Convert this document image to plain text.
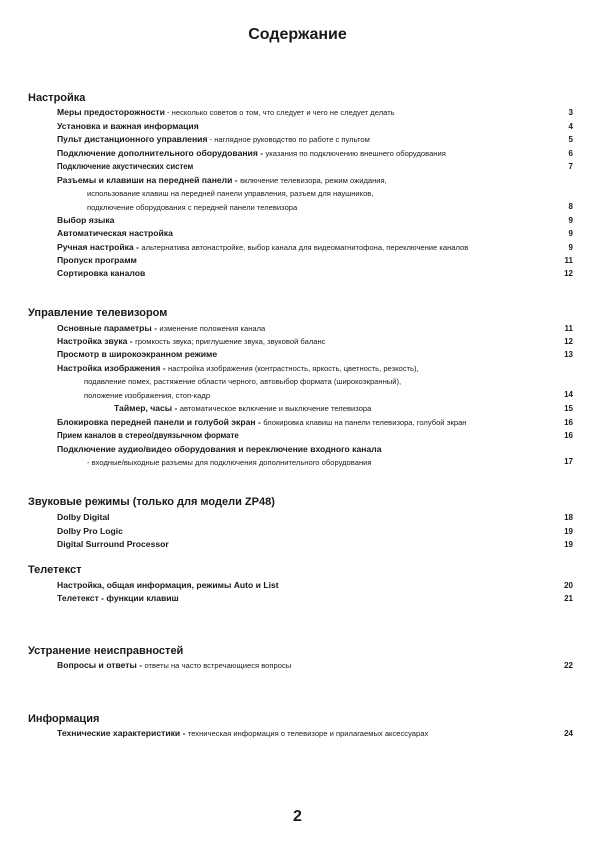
Содержание
Настройка
Меры предосторожности - несколько советов о том, что следует и чего не следует делать	3
Установка и важная информация	4
Пульт дистанционного управления - наглядное руководство по работе с пультом	5
Подключение дополнительного оборудования - указания по подключению внешнего оборудования	6
Подключение акустических систем	7
Разъемы и клавиши на передней панели - включение телевизора, режим ожидания,
использование клавиш на передней панели управления, разъем для наушников,
подключение оборудования с передней панели телевизора	8
Выбор языка	9
Автоматическая настройка	9
Ручная настройка - альтернатива автонастройке, выбор канала для видеомагнитофона, переключение каналов	9
Пропуск программ	11
Сортировка каналов	12
Управление телевизором
Основные параметры - изменение положения канала	11
Настройка звука - громкость звука; приглушение звука, звуковой баланс	12
Просмотр в широкоэкранном режиме	13
Настройка изображения - настройка изображения (контрастность, яркость, цветность, резкость),
подавление помех, растяжение области черного, автовыбор формата (широкоэкранный),
положение изображения, стоп-кадр	14
Таймер, часы - автоматическое включение и выключение телевизора	15
Блокировка передней панели и голубой экран - блокировка клавиш на панели телевизора, голубой экран	16
Прием каналов в стерео/двуязычном формате	16
Подключение аудио/видео оборудования и переключение входного канала
- входные/выходные разъемы для подключения дополнительного оборудования	17
Звуковые режимы (только для модели ZP48)
Dolby Digital	18
Dolby Pro Logic	19
Digital Surround Processor	19
Телетекст
Настройка, общая информация, режимы Auto и List	20
Телетекст - функции клавиш	21
Устранение неисправностей
Вопросы и ответы - ответы на часто встречающиеся вопросы	22
Информация
Технические характеристики - техническая информация о телевизоре и прилагаемых аксессуарах	24
2
